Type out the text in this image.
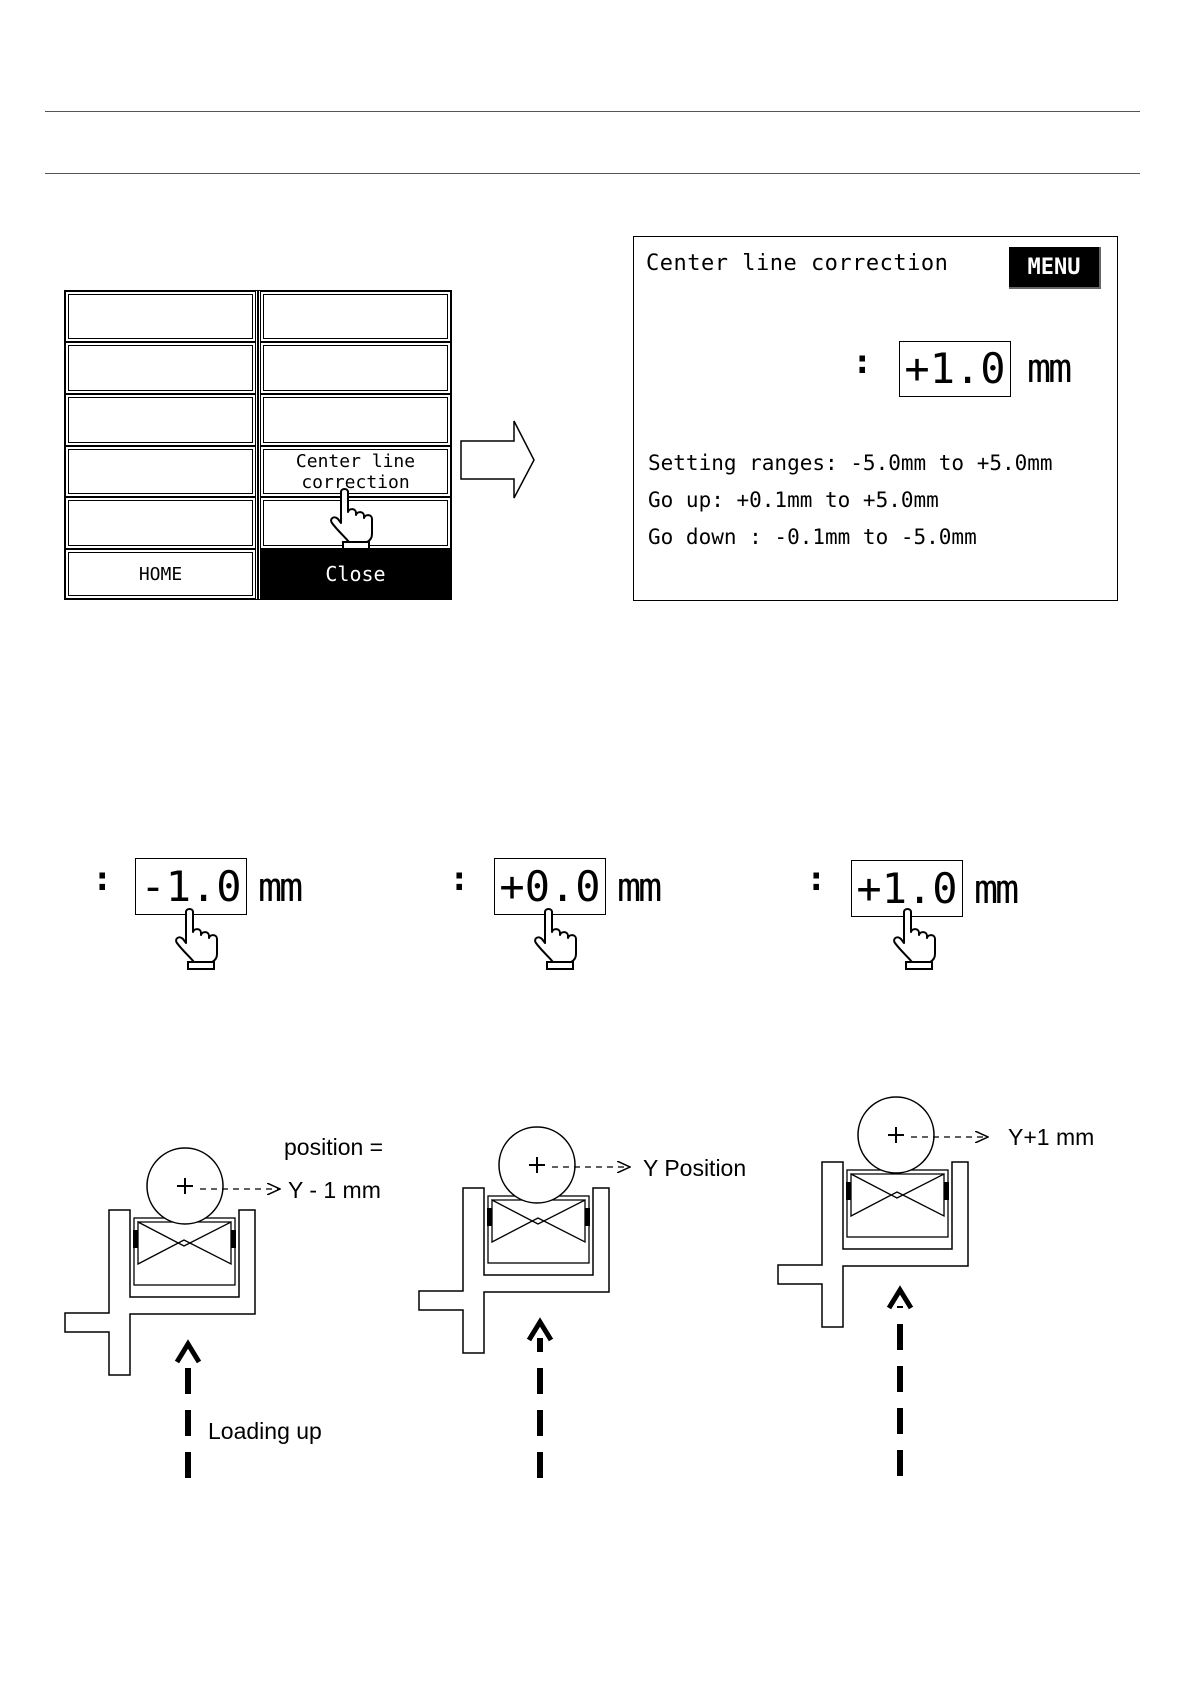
Center line
correction
HOME	Close
Center line correction	MENU
: +1.0 mm
Setting ranges: -5.0mm to +5.0mm
Go up: +0.1mm to +5.0mm
Go down : -0.1mm to -5.0mm
: -1.0 mm	: +0.0 mm	: +1.0 mm
position =
Y - 1 mm
Loading up
Y Position
Y+1 mm
